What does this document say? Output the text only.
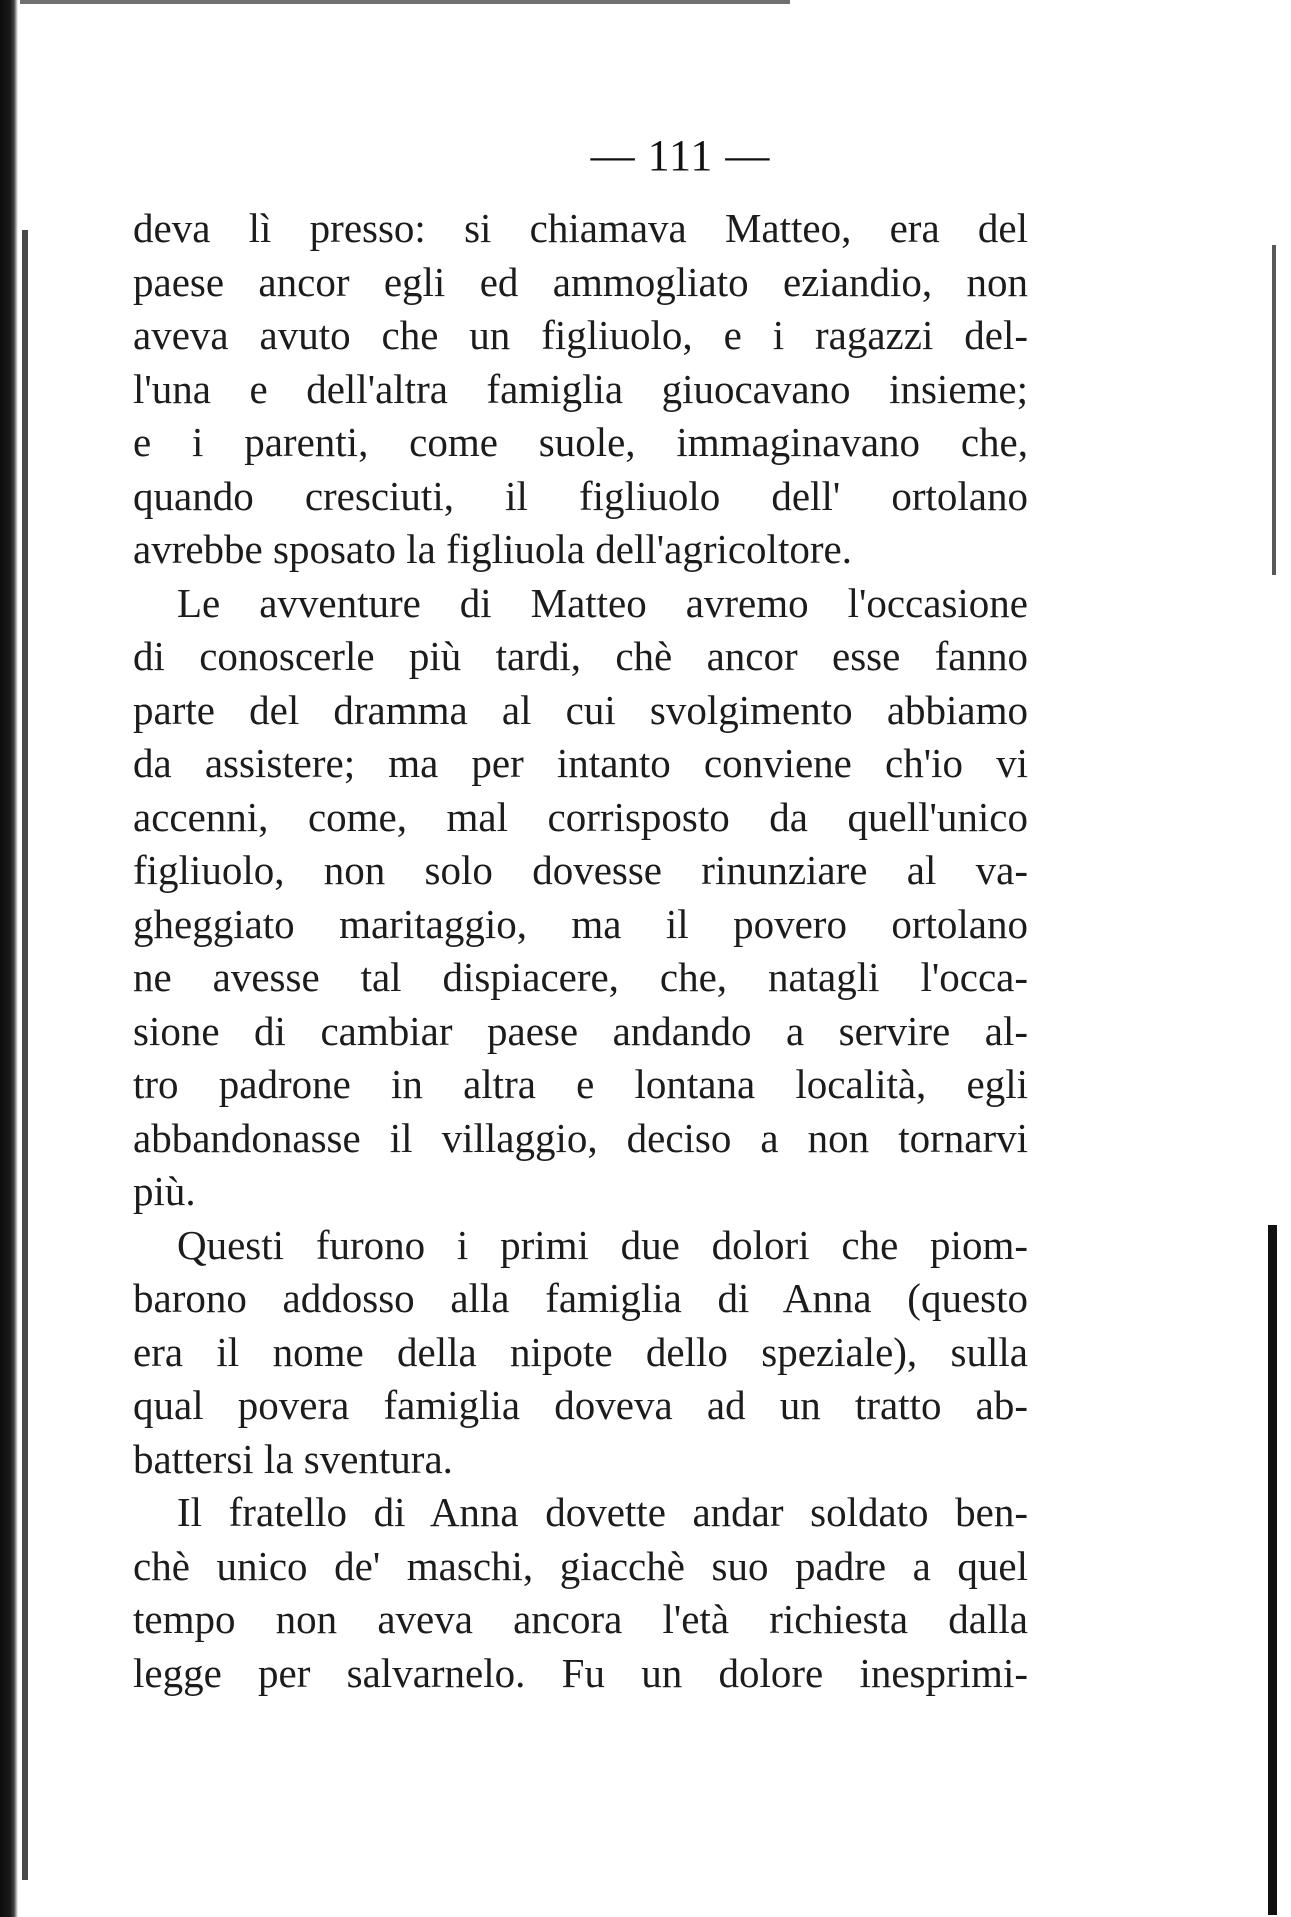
— 111 —
deva lì presso: si chiamava Matteo, era del
paese ancor egli ed ammogliato eziandio, non
aveva avuto che un figliuolo, e i ragazzi del-
l'una e dell'altra famiglia giuocavano insieme;
e i parenti, come suole, immaginavano che,
quando cresciuti, il figliuolo dell' ortolano
avrebbe sposato la figliuola dell'agricoltore.
Le avventure di Matteo avremo l'occasione
di conoscerle più tardi, chè ancor esse fanno
parte del dramma al cui svolgimento abbiamo
da assistere; ma per intanto conviene ch'io vi
accenni, come, mal corrisposto da quell'unico
figliuolo, non solo dovesse rinunziare al va-
gheggiato maritaggio, ma il povero ortolano
ne avesse tal dispiacere, che, natagli l'occa-
sione di cambiar paese andando a servire al-
tro padrone in altra e lontana località, egli
abbandonasse il villaggio, deciso a non tornarvi
più.
Questi furono i primi due dolori che piom-
barono addosso alla famiglia di Anna (questo
era il nome della nipote dello speziale), sulla
qual povera famiglia doveva ad un tratto ab-
battersi la sventura.
Il fratello di Anna dovette andar soldato ben-
chè unico de' maschi, giacchè suo padre a quel
tempo non aveva ancora l'età richiesta dalla
legge per salvarnelo. Fu un dolore inesprimi-
